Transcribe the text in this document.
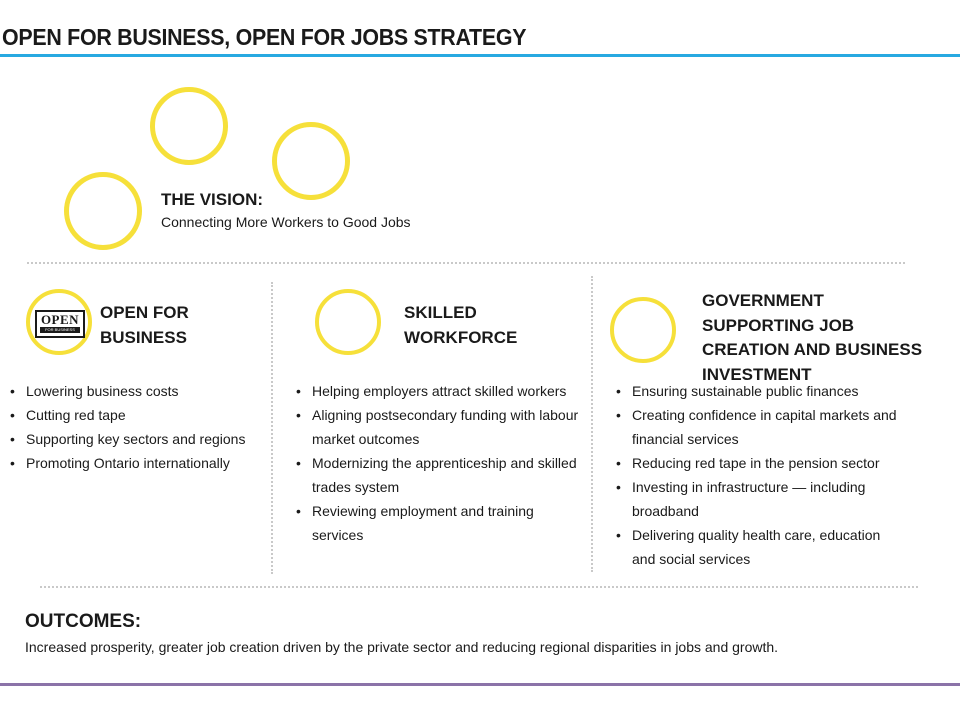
OPEN FOR BUSINESS, OPEN FOR JOBS STRATEGY
THE VISION:
Connecting More Workers to Good Jobs
OPEN
FOR BUSINESS
OPEN FOR
BUSINESS
• Lowering business costs
• Cutting red tape
• Supporting key sectors and regions
• Promoting Ontario internationally
SKILLED
WORKFORCE
• Helping employers attract skilled workers
• Aligning postsecondary funding with labour market outcomes
• Modernizing the apprenticeship and skilled trades system
• Reviewing employment and training services
GOVERNMENT
SUPPORTING JOB
CREATION AND BUSINESS
INVESTMENT
• Ensuring sustainable public finances
• Creating confidence in capital markets and financial services
• Reducing red tape in the pension sector
• Investing in infrastructure — including broadband
• Delivering quality health care, education and social services
OUTCOMES:
Increased prosperity, greater job creation driven by the private sector and reducing regional disparities in jobs and growth.
